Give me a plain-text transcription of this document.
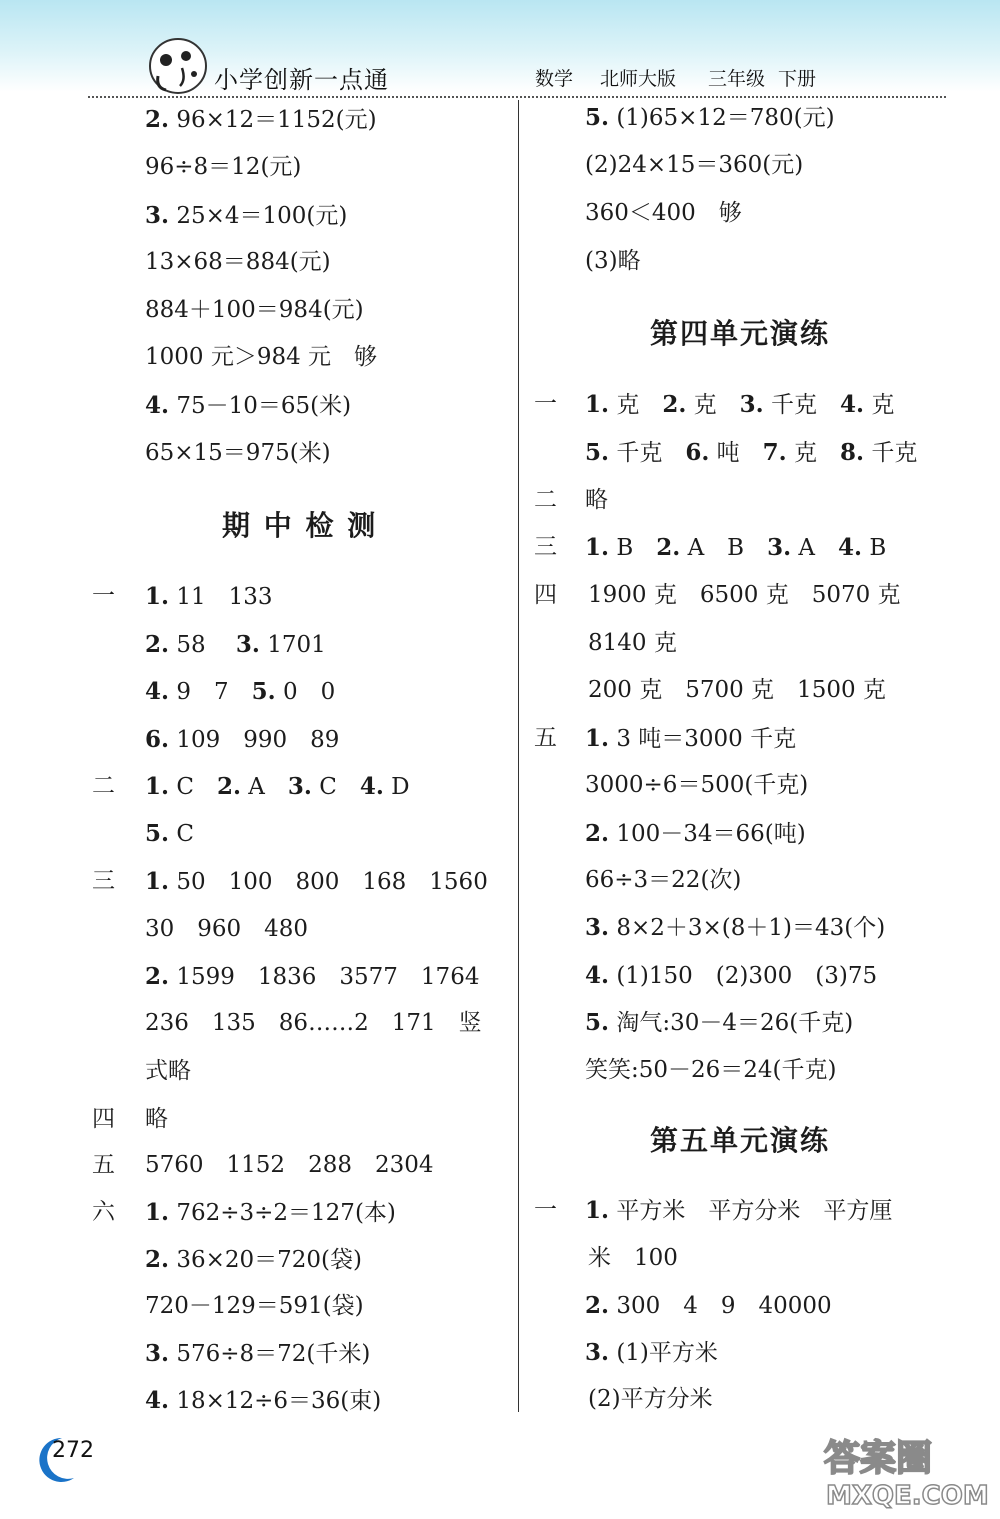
小学创新一点通	数学 北师大版 三年级 下册
2. 96×12＝1152(元)
96÷8＝12(元)
3. 25×4＝100(元)
13×68＝884(元)
884＋100＝984(元)
1000 元＞984 元　够
4. 75－10＝65(米)
65×15＝975(米)
期 中 检 测
一 1. 11　133
2. 58　 3. 1701
4. 9　7　 5. 0　0
6. 109　990　89
二 1. C　 2. A　 3. C　 4. D
5. C
三 1. 50　100　800　168　1560
30　960　480
2. 1599　1836　3577　1764
236　135　86……2　171　竖
式略
四 略
五 5760　1152　288　2304
六 1. 762÷3÷2＝127(本)
2. 36×20＝720(袋)
720－129＝591(袋)
3. 576÷8＝72(千米)
4. 18×12÷6＝36(束)
5. (1)65×12＝780(元)
(2)24×15＝360(元)
360＜400　够
(3)略
第四单元演练
一 1. 克　 2. 克　 3. 千克　 4. 克
5. 千克　 6. 吨　 7. 克　 8. 千克
二 略
三 1. B　 2. A　B　 3. A　 4. B
四 1900 克　6500 克　5070 克
8140 克
200 克　5700 克　1500 克
五 1. 3 吨＝3000 千克
3000÷6＝500(千克)
2. 100－34＝66(吨)
66÷3＝22(次)
3. 8×2＋3×(8＋1)＝43(个)
4. (1)150　(2)300　(3)75
5. 淘气:30－4＝26(千克)
笑笑:50－26＝24(千克)
第五单元演练
一 1. 平方米　平方分米　平方厘
米　100
2. 300　4　9　40000
3. (1)平方米
(2)平方分米
272	答案圈
MXQE.COM
